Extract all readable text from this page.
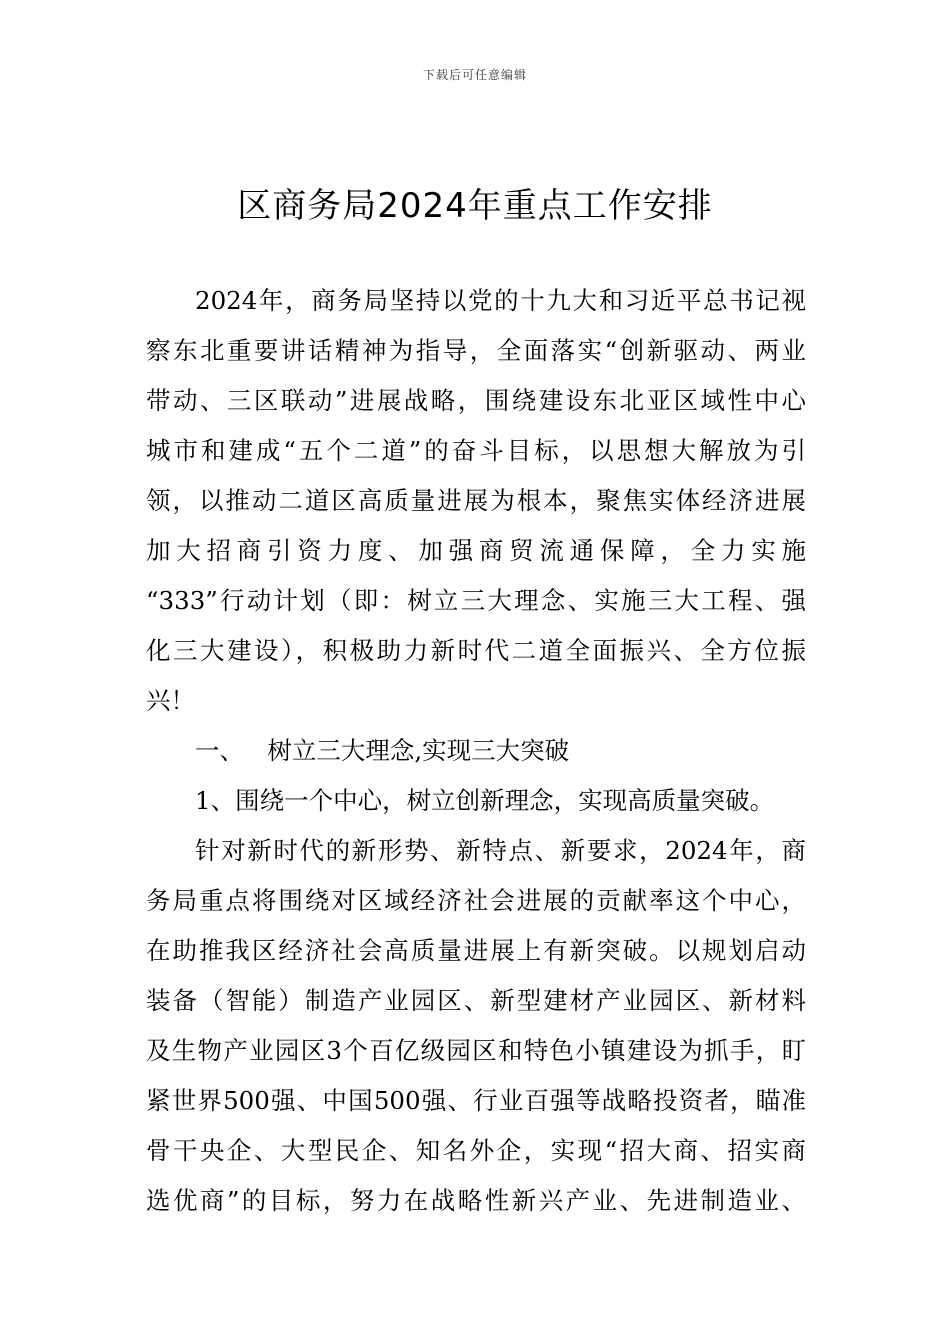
下载后可任意编辑
区商务局2024年重点工作安排
2024年，商务局坚持以党的十九大和习近平总书记视
察东北重要讲话精神为指导，全面落实“创新驱动、两业
带动、三区联动”进展战略，围绕建设东北亚区域性中心
城市和建成“五个二道”的奋斗目标，以思想大解放为引
领，以推动二道区高质量进展为根本，聚焦实体经济进展
加大招商引资力度、加强商贸流通保障，全力实施
“333”行动计划（即：树立三大理念、实施三大工程、强
化三大建设），积极助力新时代二道全面振兴、全方位振
兴！
一、   树立三大理念,实现三大突破
1、围绕一个中心，树立创新理念，实现高质量突破。
针对新时代的新形势、新特点、新要求，2024年，商
务局重点将围绕对区域经济社会进展的贡献率这个中心，
在助推我区经济社会高质量进展上有新突破。以规划启动
装备（智能）制造产业园区、新型建材产业园区、新材料
及生物产业园区3个百亿级园区和特色小镇建设为抓手，盯
紧世界500强、中国500强、行业百强等战略投资者，瞄准
骨干央企、大型民企、知名外企，实现“招大商、招实商
选优商”的目标，努力在战略性新兴产业、先进制造业、
